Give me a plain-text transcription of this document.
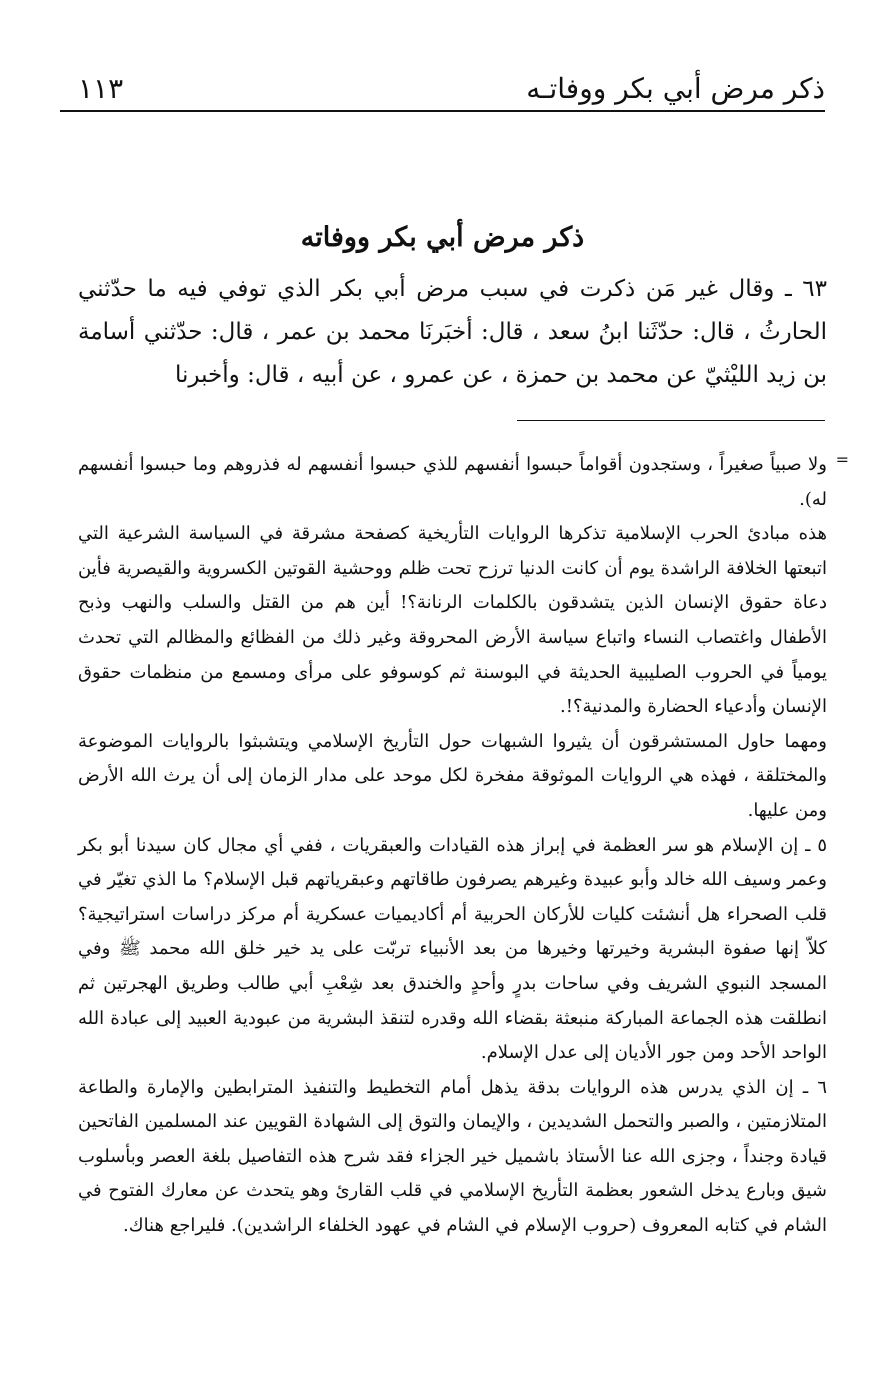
ذكر مرض أبي بكر ووفاتـه
١١٣
ذكر مرض أبي بكر ووفاته

٦٣ ـ وقال غير مَن ذكرت في سبب مرض أبي بكر الذي توفي فيه ما حدّثني الحارثُ ، قال: حدّثَنا ابنُ سعد ، قال: أخبَرنَا محمد بن عمر ، قال: حدّثني أسامة بن زيد الليْثيّ عن محمد بن حمزة ، عن عمرو ، عن أبيه ، قال: وأخبرنا

=

ولا صبياً صغيراً ، وستجدون أقواماً حبسوا أنفسهم للذي حبسوا أنفسهم له فذروهم وما حبسوا أنفسهم له).

هذه مبادئ الحرب الإسلامية تذكرها الروايات التأريخية كصفحة مشرقة في السياسة الشرعية التي اتبعتها الخلافة الراشدة يوم أن كانت الدنيا ترزح تحت ظلم ووحشية القوتين الكسروية والقيصرية فأين دعاة حقوق الإنسان الذين يتشدقون بالكلمات الرنانة؟! أين هم من القتل والسلب والنهب وذبح الأطفال واغتصاب النساء واتباع سياسة الأرض المحروقة وغير ذلك من الفظائع والمظالم التي تحدث يومياً في الحروب الصليبية الحديثة في البوسنة ثم كوسوفو على مرأى ومسمع من منظمات حقوق الإنسان وأدعياء الحضارة والمدنية؟!.

ومهما حاول المستشرقون أن يثيروا الشبهات حول التأريخ الإسلامي ويتشبثوا بالروايات الموضوعة والمختلقة ، فهذه هي الروايات الموثوقة مفخرة لكل موحد على مدار الزمان إلى أن يرث الله الأرض ومن عليها.

٥ ـ إن الإسلام هو سر العظمة في إبراز هذه القيادات والعبقريات ، ففي أي مجال كان سيدنا أبو بكر وعمر وسيف الله خالد وأبو عبيدة وغيرهم يصرفون طاقاتهم وعبقرياتهم قبل الإسلام؟ ما الذي تغيّر في قلب الصحراء هل أنشئت كليات للأركان الحربية أم أكاديميات عسكرية أم مركز دراسات استراتيجية؟ كلاّ إنها صفوة البشرية وخيرتها وخيرها من بعد الأنبياء تربّت على يد خير خلق الله محمد ﷺ وفي المسجد النبوي الشريف وفي ساحات بدرٍ وأحدٍ والخندق بعد شِعْبِ أبي طالب وطريق الهجرتين ثم انطلقت هذه الجماعة المباركة منبعثة بقضاء الله وقدره لتنقذ البشرية من عبودية العبيد إلى عبادة الله الواحد الأحد ومن جور الأديان إلى عدل الإسلام.

٦ ـ إن الذي يدرس هذه الروايات بدقة يذهل أمام التخطيط والتنفيذ المترابطين والإمارة والطاعة المتلازمتين ، والصبر والتحمل الشديدين ، والإيمان والتوق إلى الشهادة القويين عند المسلمين الفاتحين قيادة وجنداً ، وجزى الله عنا الأستاذ باشميل خير الجزاء فقد شرح هذه التفاصيل بلغة العصر وبأسلوب شيق وبارع يدخل الشعور بعظمة التأريخ الإسلامي في قلب القارئ وهو يتحدث عن معارك الفتوح في الشام في كتابه المعروف (حروب الإسلام في الشام في عهود الخلفاء الراشدين). فليراجع هناك.
